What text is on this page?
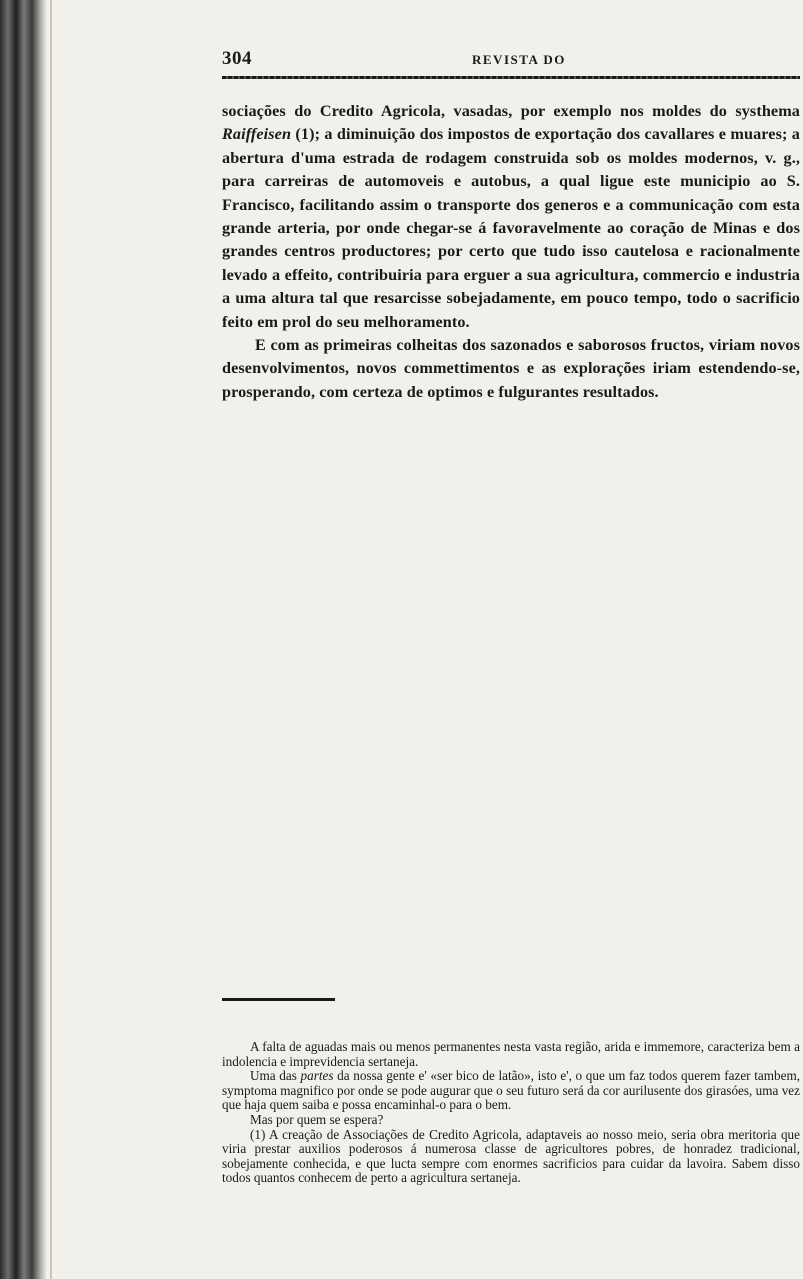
304	REVISTA DO

sociações do Credito Agricola, vasadas, por exemplo nos moldes do systhema Raiffeisen (1); a diminuição dos impostos de exportação dos cavallares e muares; a abertura d'uma estrada de rodagem construida sob os moldes modernos, v. g., para carreiras de automoveis e autobus, a qual ligue este municipio ao S. Francisco, facilitando assim o transporte dos generos e a communicação com esta grande arteria, por onde chegar-se á favoravelmente ao coração de Minas e dos grandes centros productores; por certo que tudo isso cautelosa e racionalmente levado a effeito, contribuiria para erguer a sua agricultura, commercio e industria a uma altura tal que resarcisse sobejadamente, em pouco tempo, todo o sacrificio feito em prol do seu melhoramento.

E com as primeiras colheitas dos sazonados e saborosos fructos, viriam novos desenvolvimentos, novos commettimentos e as explorações iriam estendendo-se, prosperando, com certeza de optimos e fulgurantes resultados.

A falta de aguadas mais ou menos permanentes nesta vasta região, arida e immemore, caracteriza bem a indolencia e imprevidencia sertaneja.

Uma das partes da nossa gente e' «ser bico de latão», isto e', o que um faz todos querem fazer tambem, symptoma magnifico por onde se pode augurar que o seu futuro será da cor aurilusente dos girasóes, uma vez que haja quem saiba e possa encaminhal-o para o bem.

Mas por quem se espera?

(1) A creação de Associações de Credito Agricola, adaptaveis ao nosso meio, seria obra meritoria que viria prestar auxilios poderosos á numerosa classe de agricultores pobres, de honradez tradicional, sobejamente conhecida, e que lucta sempre com enormes sacrificios para cuidar da lavoira. Sabem disso todos quantos conhecem de perto a agricultura sertaneja.
